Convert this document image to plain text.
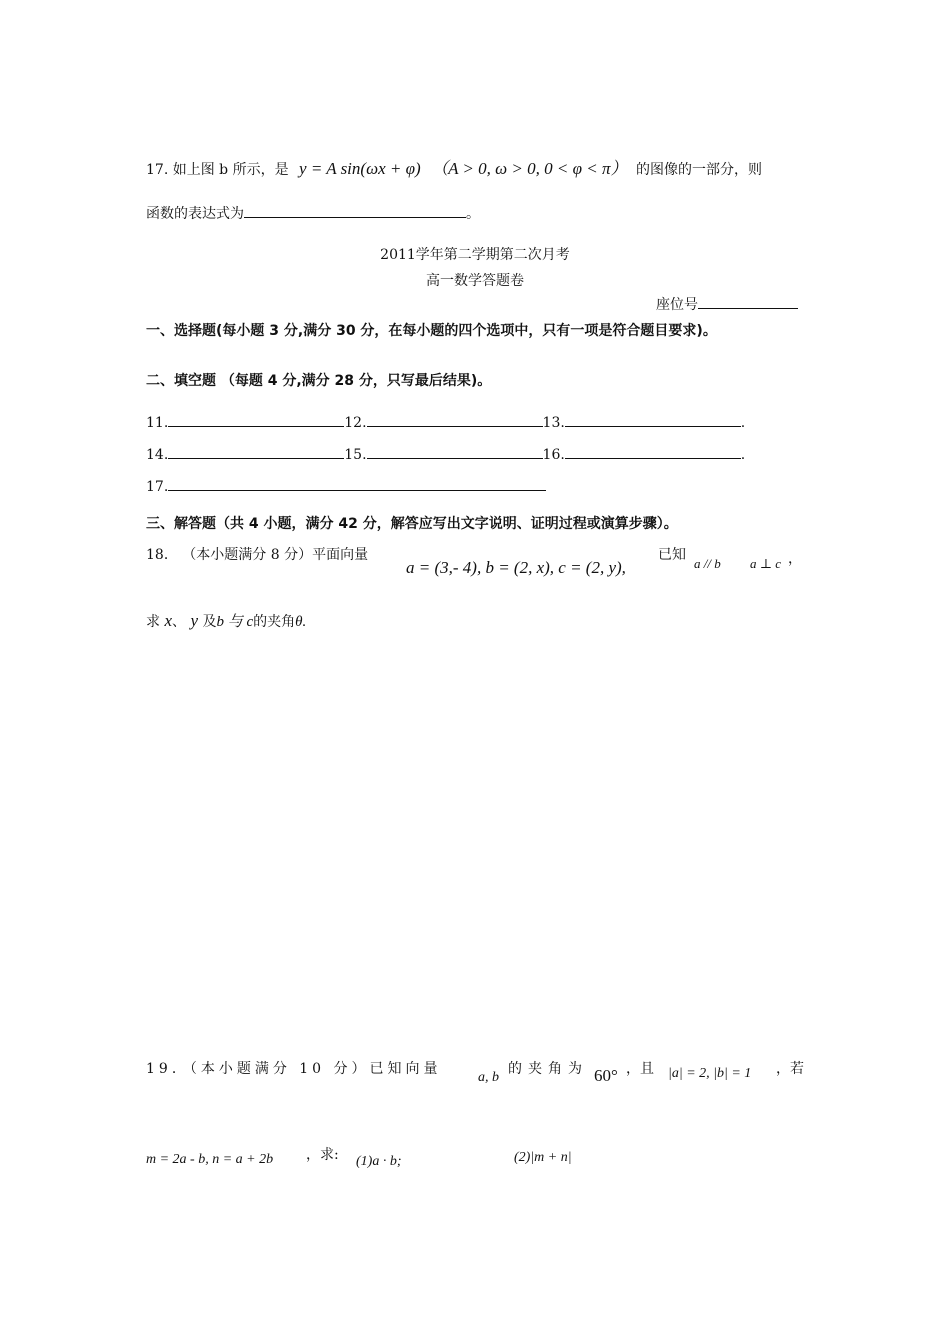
17. 如上图 b 所示，是 y = A sin(ωx + φ) （A > 0, ω > 0, 0 < φ < π） 的图像的一部分，则
函数的表达式为	。
2011学年第二学期第二次月考
高一数学答题卷
座位号
一、选择题(每小题 3 分,满分 30 分，在每小题的四个选项中，只有一项是符合题目要求)。
二、填空题 （每题 4 分,满分 28 分，只写最后结果)。
11.	12.	13.	.
14.	15.	16.	.
17.
三、解答题（共 4 小题，满分 42 分，解答应写出文字说明、证明过程或演算步骤）。
18． （本小题满分 8 分）平面向量
a = (3,- 4), b = (2, x), c = (2, y),
已知
a // b a ⊥ c ，
求 x、 y 及b 与 c的夹角θ.
19．（本小题满分 10 分）已知向量
a, b
的夹角为 60° ，且 |a| = 2, |b| = 1 ，若
m = 2a - b, n = a + 2b ，求: (1)a · b;	(2)|m + n|
